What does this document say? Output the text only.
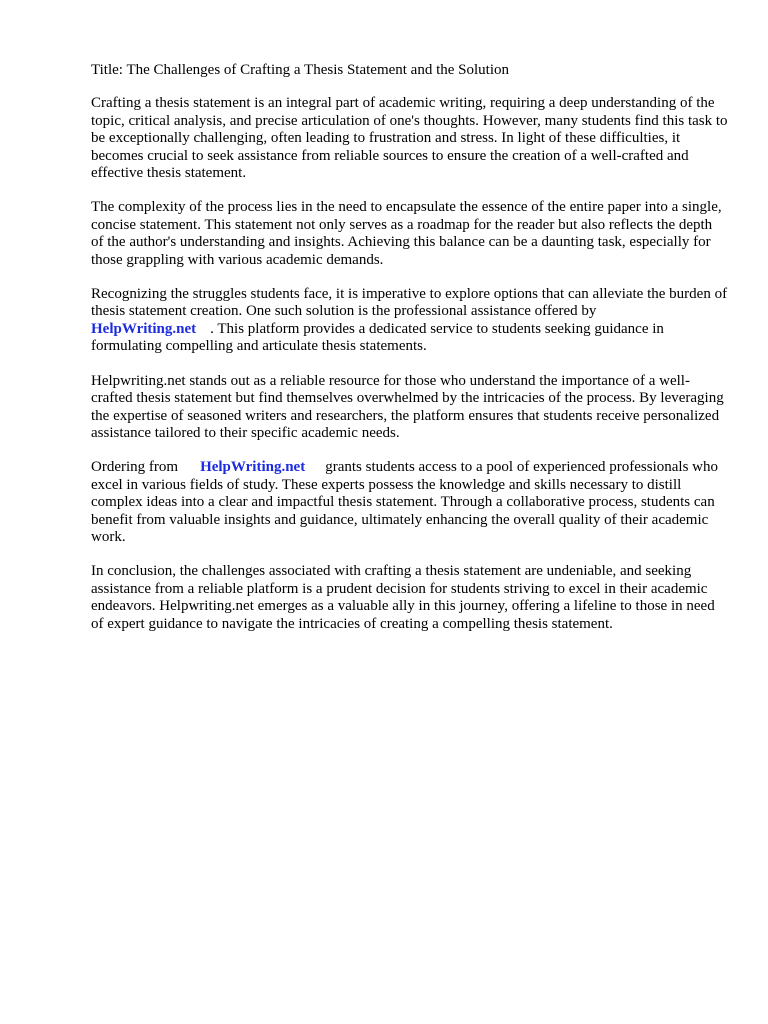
Title: The Challenges of Crafting a Thesis Statement and the Solution

Crafting a thesis statement is an integral part of academic writing, requiring a deep understanding of the topic, critical analysis, and precise articulation of one's thoughts. However, many students find this task to be exceptionally challenging, often leading to frustration and stress. In light of these difficulties, it becomes crucial to seek assistance from reliable sources to ensure the creation of a well-crafted and effective thesis statement.

The complexity of the process lies in the need to encapsulate the essence of the entire paper into a single, concise statement. This statement not only serves as a roadmap for the reader but also reflects the depth of the author's understanding and insights. Achieving this balance can be a daunting task, especially for those grappling with various academic demands.

Recognizing the struggles students face, it is imperative to explore options that can alleviate the burden of thesis statement creation. One such solution is the professional assistance offered by
HelpWriting.net . This platform provides a dedicated service to students seeking guidance in formulating compelling and articulate thesis statements.

Helpwriting.net stands out as a reliable resource for those who understand the importance of a well-crafted thesis statement but find themselves overwhelmed by the intricacies of the process. By leveraging the expertise of seasoned writers and researchers, the platform ensures that students receive personalized assistance tailored to their specific academic needs.

Ordering from HelpWriting.net grants students access to a pool of experienced professionals who excel in various fields of study. These experts possess the knowledge and skills necessary to distill complex ideas into a clear and impactful thesis statement. Through a collaborative process, students can benefit from valuable insights and guidance, ultimately enhancing the overall quality of their academic work.

In conclusion, the challenges associated with crafting a thesis statement are undeniable, and seeking assistance from a reliable platform is a prudent decision for students striving to excel in their academic endeavors. Helpwriting.net emerges as a valuable ally in this journey, offering a lifeline to those in need of expert guidance to navigate the intricacies of creating a compelling thesis statement.
